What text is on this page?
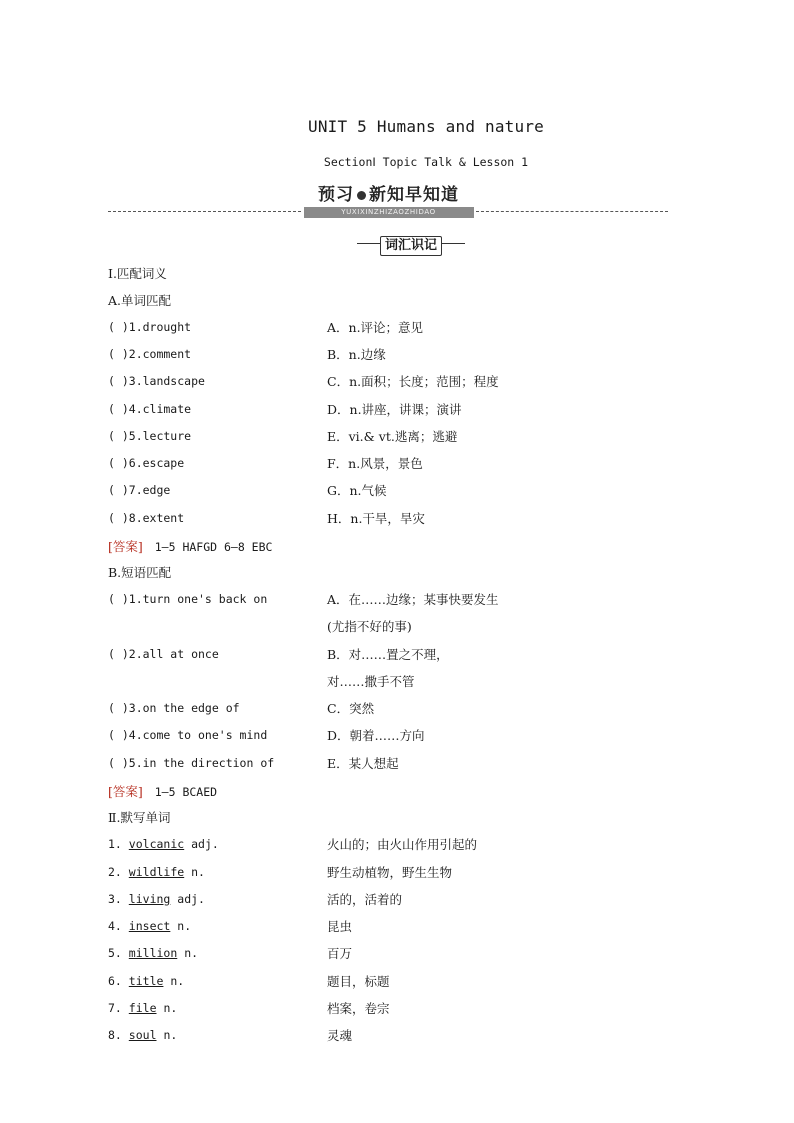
UNIT 5 Humans and nature
SectionⅠ Topic Talk & Lesson 1
预习 新知早知道
YUXIXINZHIZAOZHIDAO
词汇识记
Ⅰ.匹配词义
A.单词匹配
( )1.drought	A．n.评论；意见
( )2.comment	B．n.边缘
( )3.landscape	C．n.面积；长度；范围；程度
( )4.climate	D．n.讲座，讲课；演讲
( )5.lecture	E．vi.& vt.逃离；逃避
( )6.escape	F．n.风景，景色
( )7.edge	G．n.气候
( )8.extent	H．n.干旱，旱灾
[答案] 1—5 HAFGD 6—8 EBC
B.短语匹配
( )1.turn one's back on	A．在……边缘；某事快要发生
(尤指不好的事)
( )2.all at once	B．对……置之不理，
对……撒手不管
( )3.on the edge of	C．突然
( )4.come to one's mind	D．朝着……方向
( )5.in the direction of	E．某人想起
[答案] 1—5 BCAED
Ⅱ.默写单词
1. volcanic adj.	火山的；由火山作用引起的
2. wildlife n.	野生动植物，野生生物
3. living adj.	活的，活着的
4. insect n.	昆虫
5. million n.	百万
6. title n.	题目，标题
7. file n.	档案，卷宗
8. soul n.	灵魂
